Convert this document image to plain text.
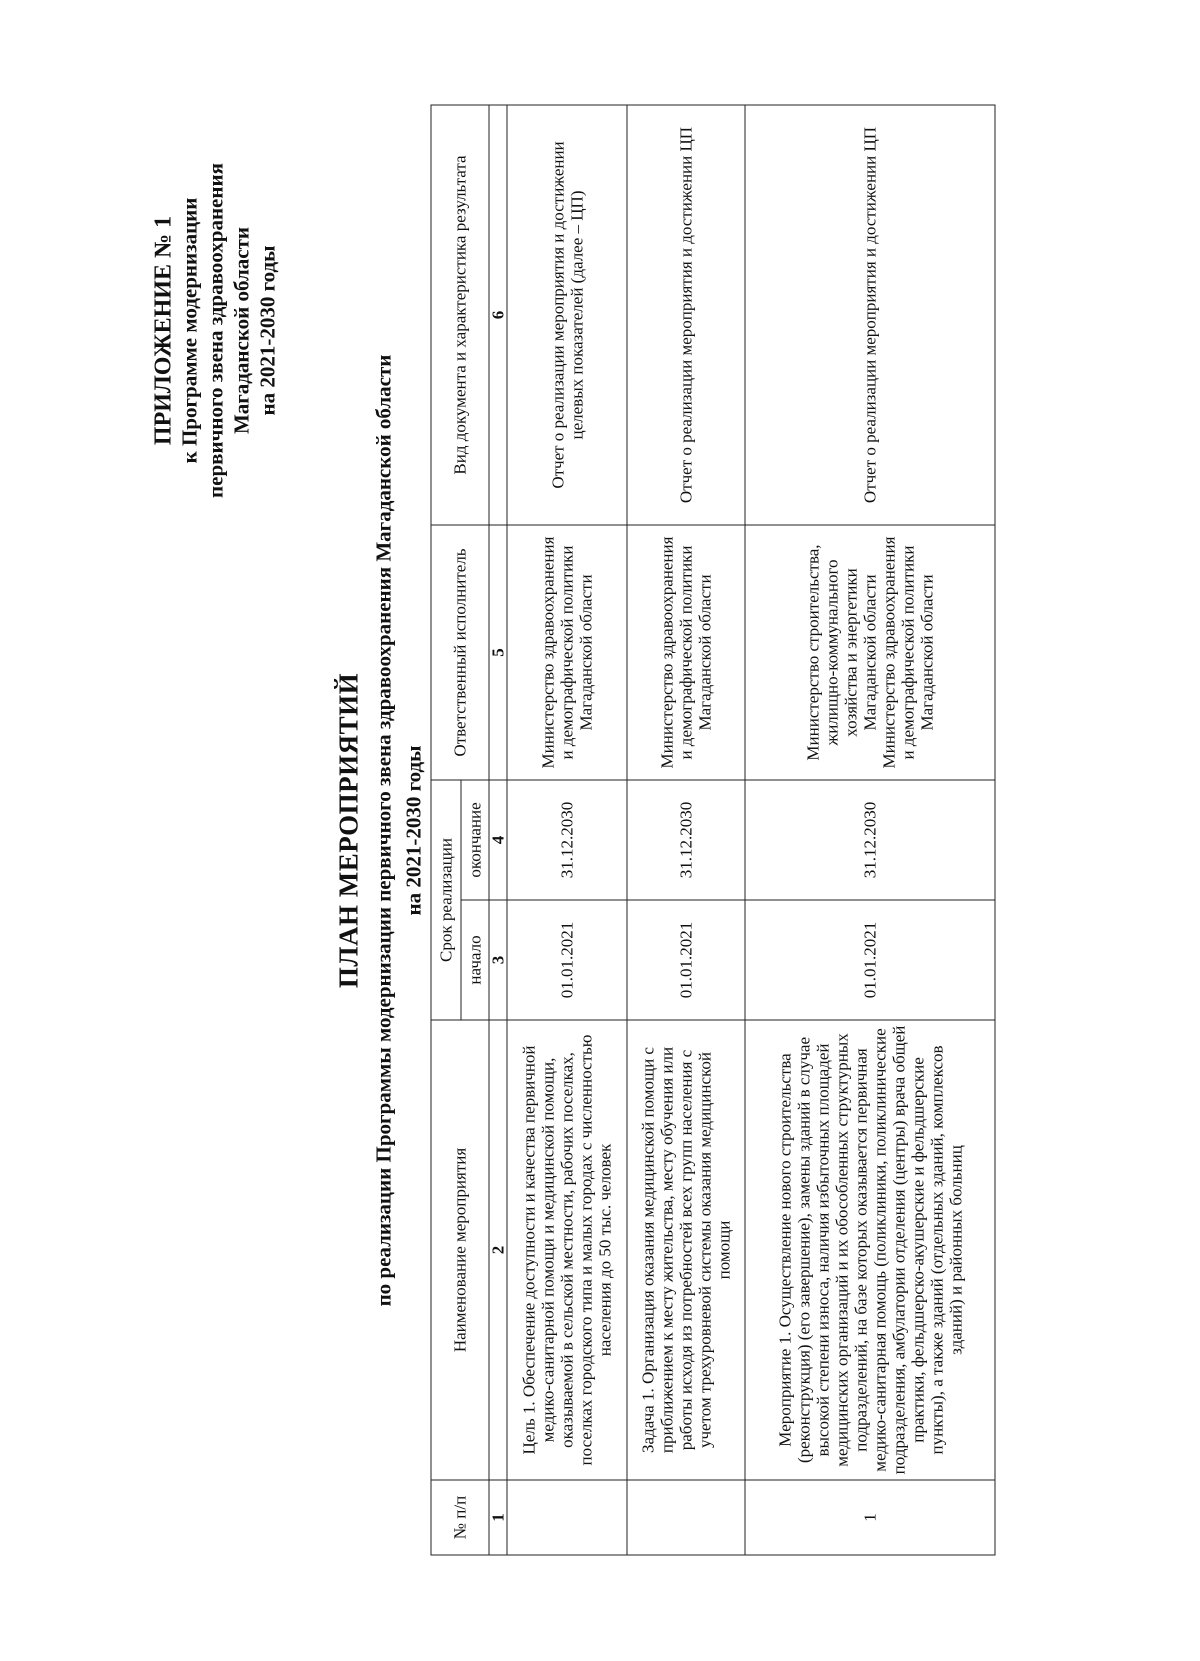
ПРИЛОЖЕНИЕ № 1 к Программе модернизации первичного звена здравоохранения Магаданской области на 2021-2030 годы
ПЛАН МЕРОПРИЯТИЙ по реализации Программы модернизации первичного звена здравоохранения Магаданской области на 2021-2030 годы
№ п/п	Наименование мероприятия	Срок реализации		Ответственный исполнитель	Вид документа и характеристика результата
		начало	окончание		
1	2	3	4	5	6
	Цель 1. Обеспечение доступности и качества первичной медико-санитарной помощи и медицинской помощи, оказываемой в сельской местности, рабочих поселках, поселках городского типа и малых городах с численностью населения до 50 тыс. человек	01.01.2021	31.12.2030	Министерство здравоохранения и демографической политики Магаданской области	Отчет о реализации мероприятия и достижении целевых показателей (далее – ЦП)
	Задача 1. Организация оказания медицинской помощи с приближением к месту жительства, месту обучения или работы исходя из потребностей всех групп населения с учетом трехуровневой системы оказания медицинской помощи	01.01.2021	31.12.2030	Министерство здравоохранения и демографической политики Магаданской области	Отчет о реализации мероприятия и достижении ЦП
1	Мероприятие 1. Осуществление нового строительства (реконструкция) (его завершение), замены зданий в случае высокой степени износа, наличия избыточных площадей медицинских организаций и их обособленных структурных подразделений, на базе которых оказывается первичная медико-санитарная помощь (поликлиники, поликлинические подразделения, амбулатории отделения (центры) врача общей практики, фельдшерско-акушерские и фельдшерские пункты), а также зданий (отдельных зданий, комплексов зданий) и районных больниц	01.01.2021	31.12.2030	Министерство строительства, жилищно-коммунального хозяйства и энергетики Магаданской области Министерство здравоохранения и демографической политики Магаданской области	Отчет о реализации мероприятия и достижении ЦП
